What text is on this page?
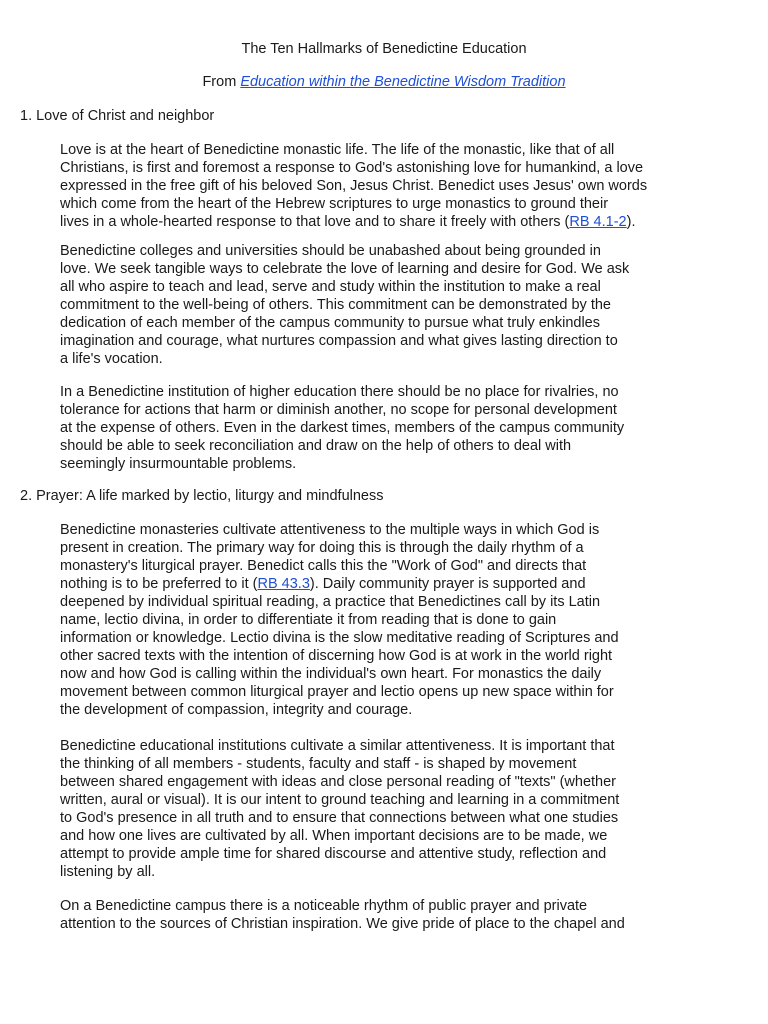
The Ten Hallmarks of Benedictine Education
From Education within the Benedictine Wisdom Tradition
1. Love of Christ and neighbor
Love is at the heart of Benedictine monastic life. The life of the monastic, like that of all
Christians, is first and foremost a response to God's astonishing love for humankind, a love
expressed in the free gift of his beloved Son, Jesus Christ. Benedict uses Jesus' own words
which come from the heart of the Hebrew scriptures to urge monastics to ground their
lives in a whole-hearted response to that love and to share it freely with others (RB 4.1-2).
Benedictine colleges and universities should be unabashed about being grounded in
love. We seek tangible ways to celebrate the love of learning and desire for God. We ask
all who aspire to teach and lead, serve and study within the institution to make a real
commitment to the well-being of others. This commitment can be demonstrated by the
dedication of each member of the campus community to pursue what truly enkindles
imagination and courage, what nurtures compassion and what gives lasting direction to
a life's vocation.
In a Benedictine institution of higher education there should be no place for rivalries, no
tolerance for actions that harm or diminish another, no scope for personal development
at the expense of others. Even in the darkest times, members of the campus community
should be able to seek reconciliation and draw on the help of others to deal with
seemingly insurmountable problems.
2. Prayer: A life marked by lectio, liturgy and mindfulness
Benedictine monasteries cultivate attentiveness to the multiple ways in which God is
present in creation. The primary way for doing this is through the daily rhythm of a
monastery's liturgical prayer. Benedict calls this the "Work of God" and directs that
nothing is to be preferred to it (RB 43.3). Daily community prayer is supported and
deepened by individual spiritual reading, a practice that Benedictines call by its Latin
name, lectio divina, in order to differentiate it from reading that is done to gain
information or knowledge. Lectio divina is the slow meditative reading of Scriptures and
other sacred texts with the intention of discerning how God is at work in the world right
now and how God is calling within the individual's own heart. For monastics the daily
movement between common liturgical prayer and lectio opens up new space within for
the development of compassion, integrity and courage.
Benedictine educational institutions cultivate a similar attentiveness. It is important that
the thinking of all members - students, faculty and staff - is shaped by movement
between shared engagement with ideas and close personal reading of "texts" (whether
written, aural or visual). It is our intent to ground teaching and learning in a commitment
to God's presence in all truth and to ensure that connections between what one studies
and how one lives are cultivated by all. When important decisions are to be made, we
attempt to provide ample time for shared discourse and attentive study, reflection and
listening by all.
On a Benedictine campus there is a noticeable rhythm of public prayer and private
attention to the sources of Christian inspiration. We give pride of place to the chapel and
